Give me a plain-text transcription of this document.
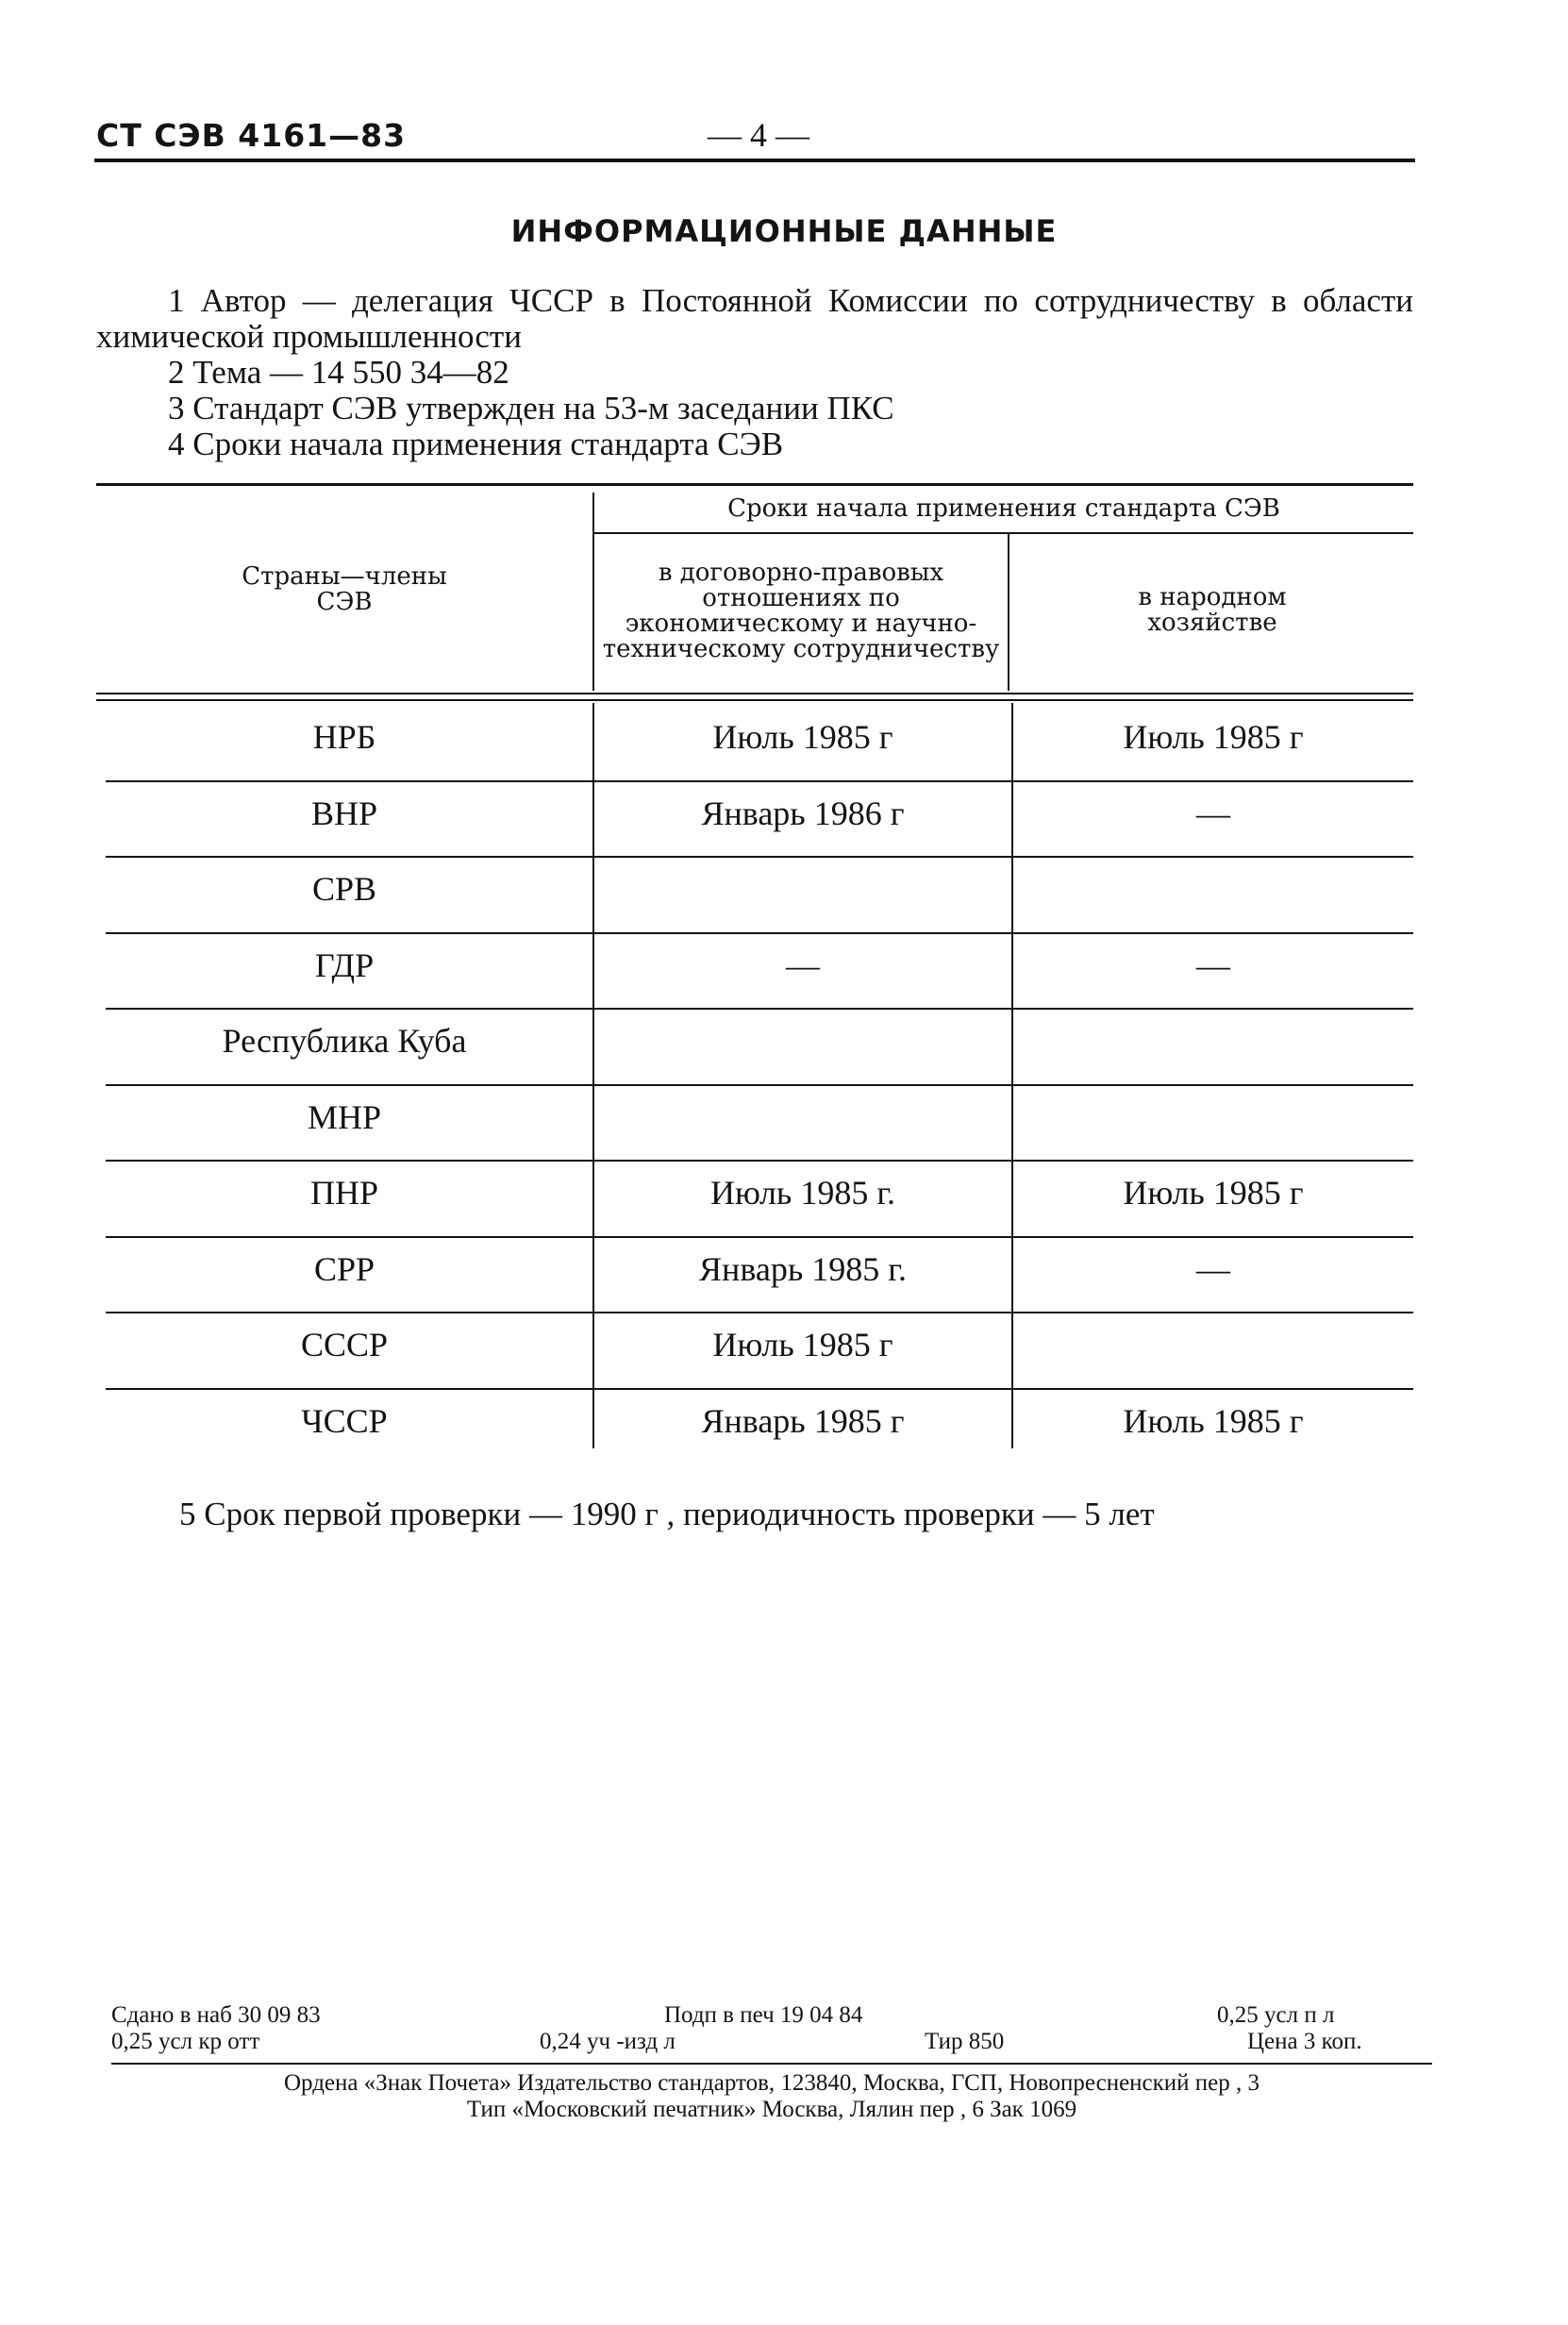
СТ СЭВ 4161—83	— 4 —
ИНФОРМАЦИОННЫЕ ДАННЫЕ
1 Автор — делегация ЧССР в Постоянной Комиссии по сотрудничеству в области химической промышленности
2 Тема — 14 550 34—82
3 Стандарт СЭВ утвержден на 53-м заседании ПКС
4 Сроки начала применения стандарта СЭВ
Страны—члены СЭВ
Сроки начала применения стандарта СЭВ
в договорно-правовых отношениях по экономическому и научно-техническому сотрудничеству
в народном хозяйстве
НРБ	Июль 1985 г	Июль 1985 г
ВНР	Январь 1986 г	—
СРВ
ГДР	—	—
Республика Куба
МНР
ПНР	Июль 1985 г.	Июль 1985 г
СРР	Январь 1985 г.	—
СССР	Июль 1985 г
ЧССР	Январь 1985 г	Июль 1985 г
5 Срок первой проверки — 1990 г , периодичность проверки — 5 лет
Сдано в наб 30 09 83	Подп в печ 19 04 84	0,25 усл п л
0,25 усл кр отт	0,24 уч -изд л	Тир 850	Цена 3 коп.
Ордена «Знак Почета» Издательство стандартов, 123840, Москва, ГСП, Новопресненский пер , 3
Тип «Московский печатник» Москва, Лялин пер , 6 Зак 1069
